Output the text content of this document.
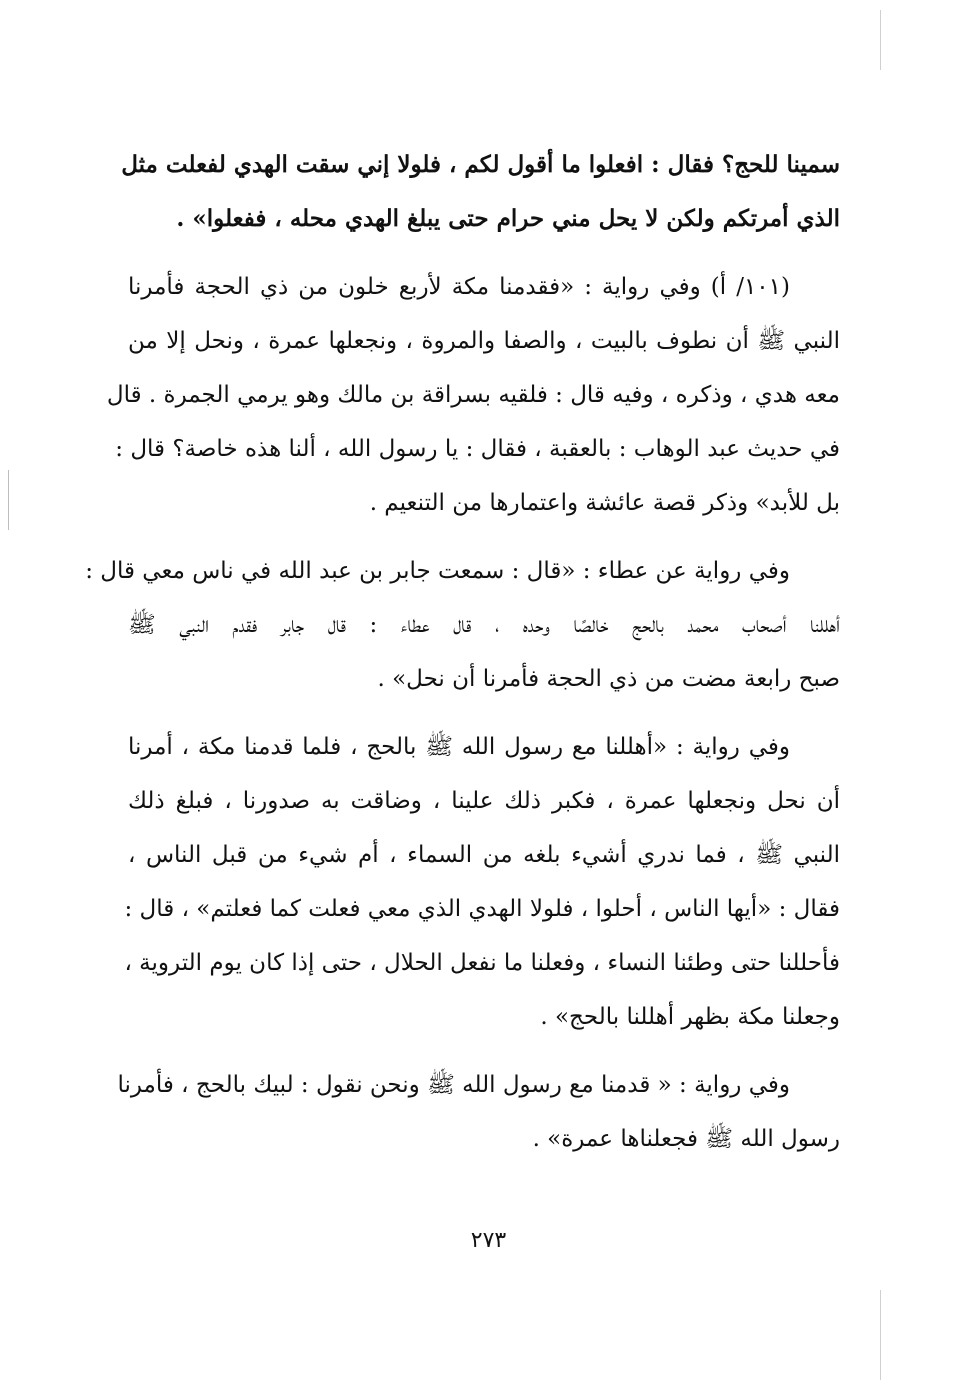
سمينا للحج؟ فقال : افعلوا ما أقول لكم ، فلولا إني سقت الهدي لفعلت مثل
الذي أمرتكم ولكن لا يحل مني حرام حتى يبلغ الهدي محله ، ففعلوا» .
(١٠١/ أ) وفي رواية : «فقدمنا مكة لأربع خلون من ذي الحجة فأمرنا
النبي ﷺ أن نطوف بالبيت ، والصفا والمروة ، ونجعلها عمرة ، ونحل إلا من
معه هدي ، وذكره ، وفيه قال : فلقيه بسراقة بن مالك وهو يرمي الجمرة . قال
في حديث عبد الوهاب : بالعقبة ، فقال : يا رسول الله ، ألنا هذه خاصة؟ قال :
بل للأبد» وذكر قصة عائشة واعتمارها من التنعيم .
وفي رواية عن عطاء : «قال : سمعت جابر بن عبد الله في ناس معي قال :
أهللنا أصحاب محمد بالحج خالصًا وحده ، قال عطاء : قال جابر فقدم النبي ﷺ
صبح رابعة مضت من ذي الحجة فأمرنا أن نحل» .
وفي رواية : «أهللنا مع رسول الله ﷺ بالحج ، فلما قدمنا مكة ، أمرنا
أن نحل ونجعلها عمرة ، فكبر ذلك علينا ، وضاقت به صدورنا ، فبلغ ذلك
النبي ﷺ ، فما ندري أشيء بلغه من السماء ، أم شيء من قبل الناس ،
فقال : «أيها الناس ، أحلوا ، فلولا الهدي الذي معي فعلت كما فعلتم» ، قال :
فأحللنا حتى وطئنا النساء ، وفعلنا ما نفعل الحلال ، حتى إذا كان يوم التروية ،
وجعلنا مكة بظهر أهللنا بالحج» .
وفي رواية : « قدمنا مع رسول الله ﷺ ونحن نقول : لبيك بالحج ، فأمرنا
رسول الله ﷺ فجعلناها عمرة» .
٢٧٣
